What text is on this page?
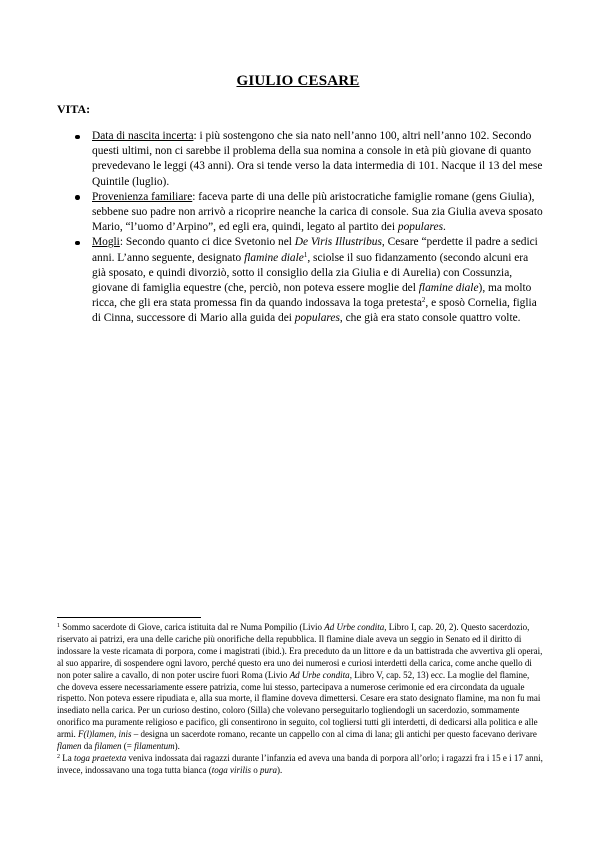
GIULIO CESARE
VITA:
Data di nascita incerta: i più sostengono che sia nato nell’anno 100, altri nell’anno 102. Secondo questi ultimi, non ci sarebbe il problema della sua nomina a console in età più giovane di quanto prevedevano le leggi (43 anni). Ora si tende verso la data intermedia di 101. Nacque il 13 del mese Quintile (luglio).
Provenienza familiare: faceva parte di una delle più aristocratiche famiglie romane (gens Giulia), sebbene suo padre non arrivò a ricoprire neanche la carica di console. Sua zia Giulia aveva sposato Mario, “l’uomo d’Arpino”, ed egli era, quindi, legato al partito dei populares.
Mogli: Secondo quanto ci dice Svetonio nel De Viris Illustribus, Cesare “perdette il padre a sedici anni. L’anno seguente, designato flamine diale$^1$, sciolse il suo fidanzamento (secondo alcuni era già sposato, e quindi divorziò, sotto il consiglio della zia Giulia e di Aurelia) con Cossunzia, giovane di famiglia equestre (che, perciò, non poteva essere moglie del flamine diale), ma molto ricca, che gli era stata promessa fin da quando indossava la toga pretesta$^2$, e sposò Cornelia, figlia di Cinna, successore di Mario alla guida dei populares, che già era stato console quattro volte.

$^1$ Sommo sacerdote di Giove, carica istituita dal re Numa Pompilio (Livio Ad Urbe condita, Libro I, cap. 20, 2). Questo sacerdozio, riservato ai patrizi, era una delle cariche più onorifiche della repubblica. Il flamine diale aveva un seggio in Senato ed il diritto di indossare la veste ricamata di porpora, come i magistrati (ibid.). Era preceduto da un littore e da un battistrada che avvertiva gli operai, al suo apparire, di sospendere ogni lavoro, perché questo era uno dei numerosi e curiosi interdetti della carica, come anche quello di non poter salire a cavallo, di non poter uscire fuori Roma (Livio Ad Urbe condita, Libro V, cap. 52, 13) ecc. La moglie del flamine, che doveva essere necessariamente essere patrizia, come lui stesso, partecipava a numerose cerimonie ed era circondata da uguale rispetto. Non poteva essere ripudiata e, alla sua morte, il flamine doveva dimettersi. Cesare era stato designato flamine, ma non fu mai insediato nella carica. Per un curioso destino, coloro (Silla) che volevano perseguitarlo togliendogli un sacerdozio, sommamente onorifico ma puramente religioso e pacifico, gli consentirono in seguito, col togliersi tutti gli interdetti, di dedicarsi alla politica e alle armi. F(l)lamen, inis – designa un sacerdote romano, recante un cappello con al cima di lana; gli antichi per questo facevano derivare flamen da filamen (= filamentum).

$^2$ La toga praetexta veniva indossata dai ragazzi durante l’infanzia ed aveva una banda di porpora all’orlo; i ragazzi fra i 15 e i 17 anni, invece, indossavano una toga tutta bianca (toga virilis o pura).
